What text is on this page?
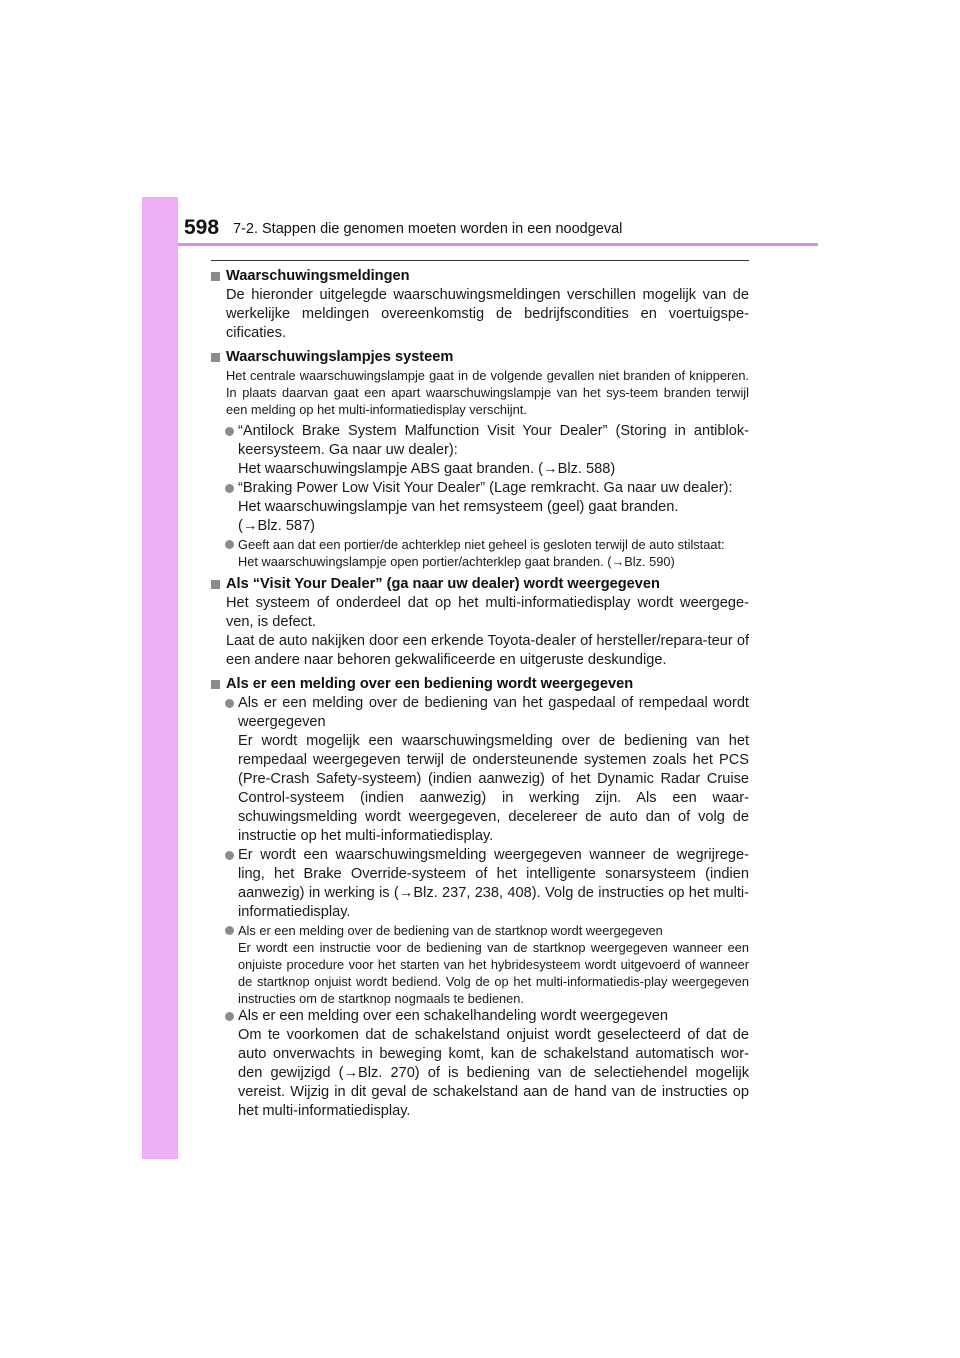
598 7-2. Stappen die genomen moeten worden in een noodgeval
Waarschuwingsmeldingen

De hieronder uitgelegde waarschuwingsmeldingen verschillen mogelijk van de werkelijke meldingen overeenkomstig de bedrijfscondities en voertuigspe-cificaties.

Waarschuwingslampjes systeem

Het centrale waarschuwingslampje gaat in de volgende gevallen niet branden of knipperen. In plaats daarvan gaat een apart waarschuwingslampje van het sys-teem branden terwijl een melding op het multi-informatiedisplay verschijnt.

“Antilock Brake System Malfunction Visit Your Dealer” (Storing in antiblok-keersysteem. Ga naar uw dealer):

Het waarschuwingslampje ABS gaat branden. (→Blz. 588)

“Braking Power Low Visit Your Dealer” (Lage remkracht. Ga naar uw dealer):

Het waarschuwingslampje van het remsysteem (geel) gaat branden.

(→Blz. 587)

Geeft aan dat een portier/de achterklep niet geheel is gesloten terwijl de auto stilstaat:

Het waarschuwingslampje open portier/achterklep gaat branden. (→Blz. 590)

Als “Visit Your Dealer” (ga naar uw dealer) wordt weergegeven

Het systeem of onderdeel dat op het multi-informatiedisplay wordt weergege-ven, is defect.

Laat de auto nakijken door een erkende Toyota-dealer of hersteller/repara-teur of een andere naar behoren gekwalificeerde en uitgeruste deskundige.

Als er een melding over een bediening wordt weergegeven

Als er een melding over de bediening van het gaspedaal of rempedaal wordt weergegeven

Er wordt mogelijk een waarschuwingsmelding over de bediening van het rempedaal weergegeven terwijl de ondersteunende systemen zoals het PCS (Pre-Crash Safety-systeem) (indien aanwezig) of het Dynamic Radar Cruise Control-systeem (indien aanwezig) in werking zijn. Als een waar-schuwingsmelding wordt weergegeven, decelereer de auto dan of volg de instructie op het multi-informatiedisplay.

Er wordt een waarschuwingsmelding weergegeven wanneer de wegrijrege-ling, het Brake Override-systeem of het intelligente sonarsysteem (indien aanwezig) in werking is (→Blz. 237, 238, 408). Volg de instructies op het multi-informatiedisplay.

Als er een melding over de bediening van de startknop wordt weergegeven

Er wordt een instructie voor de bediening van de startknop weergegeven wanneer een onjuiste procedure voor het starten van het hybridesysteem wordt uitgevoerd of wanneer de startknop onjuist wordt bediend. Volg de op het multi-informatiedis-play weergegeven instructies om de startknop nogmaals te bedienen.

Als er een melding over een schakelhandeling wordt weergegeven

Om te voorkomen dat de schakelstand onjuist wordt geselecteerd of dat de auto onverwachts in beweging komt, kan de schakelstand automatisch wor-den gewijzigd (→Blz. 270) of is bediening van de selectiehendel mogelijk vereist. Wijzig in dit geval de schakelstand aan de hand van de instructies op het multi-informatiedisplay.
